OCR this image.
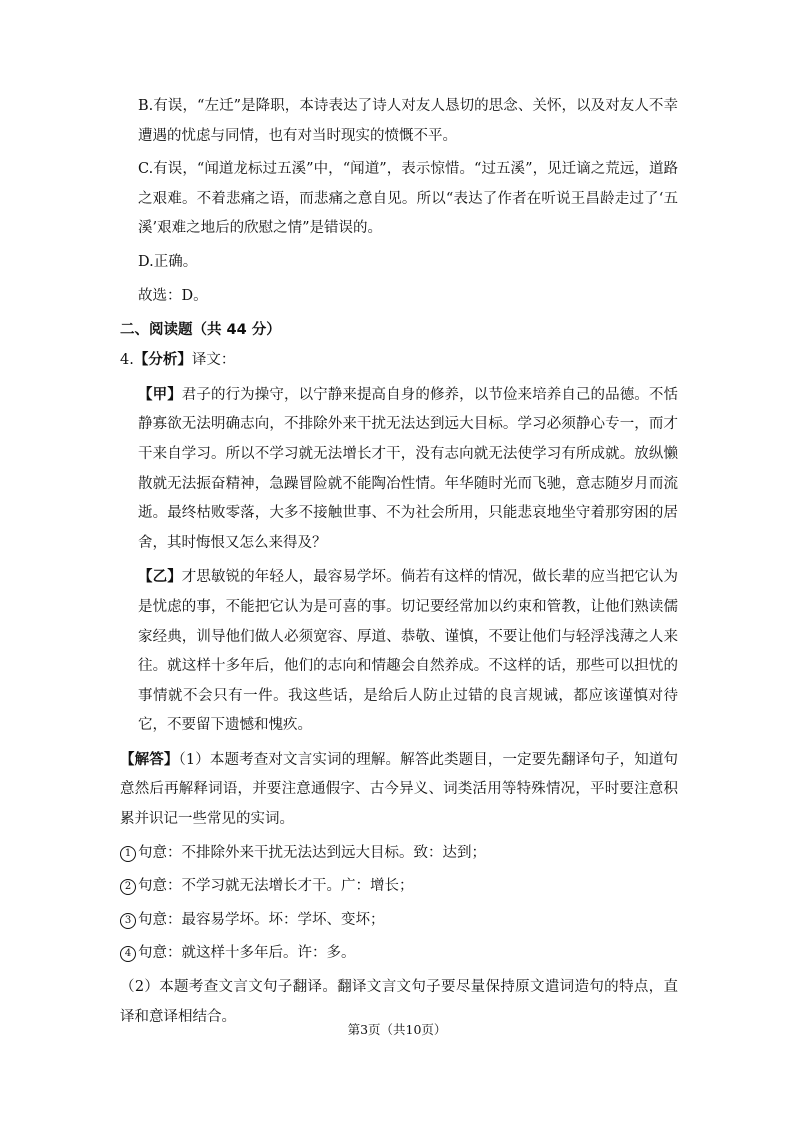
B.有误，“左迁”是降职，本诗表达了诗人对友人恳切的思念、关怀，以及对友人不幸遭遇的忧虑与同情，也有对当时现实的愤慨不平。

C.有误，“闻道龙标过五溪”中，“闻道”，表示惊惜。“过五溪”，见迁谪之荒远，道路之艰难。不着悲痛之语，而悲痛之意自见。所以“表达了作者在听说王昌龄走过了‘五溪’艰难之地后的欣慰之情”是错误的。

D.正确。

故选：D。

二、阅读题（共 44 分）

4.【分析】译文：

【甲】君子的行为操守，以宁静来提高自身的修养，以节俭来培养自己的品德。不恬静寡欲无法明确志向，不排除外来干扰无法达到远大目标。学习必须静心专一，而才干来自学习。所以不学习就无法增长才干，没有志向就无法使学习有所成就。放纵懒散就无法振奋精神，急躁冒险就不能陶冶性情。年华随时光而飞驰，意志随岁月而流逝。最终枯败零落，大多不接触世事、不为社会所用，只能悲哀地坐守着那穷困的居舍，其时悔恨又怎么来得及？

【乙】才思敏锐的年轻人，最容易学坏。倘若有这样的情况，做长辈的应当把它认为是忧虑的事，不能把它认为是可喜的事。切记要经常加以约束和管教，让他们熟读儒家经典，训导他们做人必须宽容、厚道、恭敬、谨慎，不要让他们与轻浮浅薄之人来往。就这样十多年后，他们的志向和情趣会自然养成。不这样的话，那些可以担忧的事情就不会只有一件。我这些话，是给后人防止过错的良言规诫，都应该谨慎对待它，不要留下遗憾和愧疚。

【解答】（1）本题考查对文言实词的理解。解答此类题目，一定要先翻译句子，知道句意然后再解释词语，并要注意通假字、古今异义、词类活用等特殊情况，平时要注意积累并识记一些常见的实词。

1 句意：不排除外来干扰无法达到远大目标。致：达到；

2 句意：不学习就无法增长才干。广：增长；

3 句意：最容易学坏。坏：学坏、变坏；

4 句意：就这样十多年后。许：多。

（2）本题考查文言文句子翻译。翻译文言文句子要尽量保持原文遣词造句的特点，直译和意译相结合。

第3页（共10页）
